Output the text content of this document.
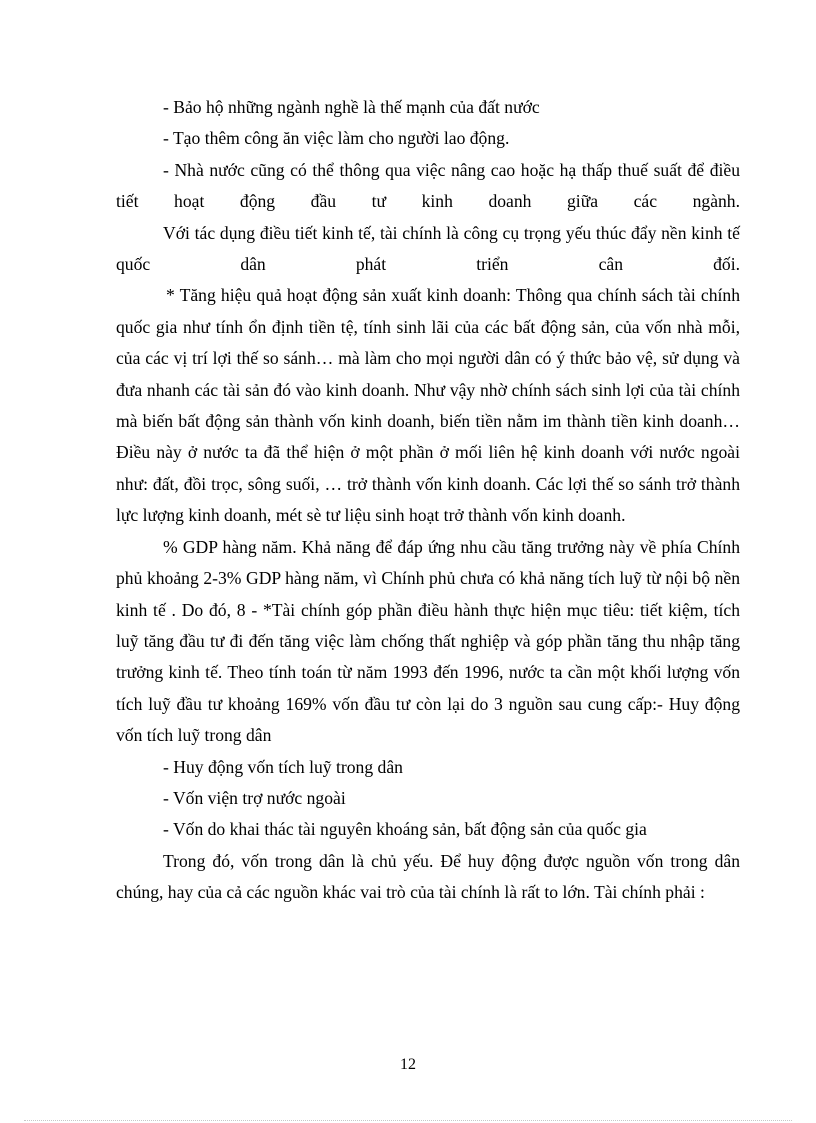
- Bảo hộ những ngành nghề là thế mạnh của đất nước

- Tạo thêm công ăn việc làm cho người lao động.

- Nhà nước cũng có thể thông qua việc nâng cao hoặc hạ thấp thuế suất để điều tiết hoạt động đầu tư kinh doanh giữa các ngành.

Với tác dụng điều tiết kinh tế, tài chính là công cụ trọng yếu thúc đẩy nền kinh tế quốc dân phát triển cân đối.

* Tăng hiệu quả hoạt động sản xuất kinh doanh: Thông qua chính sách tài chính quốc gia như tính ổn định tiền tệ, tính sinh lãi của các bất động sản, của vốn nhà mỗi, của các vị trí lợi thế so sánh… mà làm cho mọi người dân có ý thức bảo vệ, sử dụng và đưa nhanh các tài sản đó vào kinh doanh. Như vậy nhờ chính sách sinh lợi của tài chính mà biến bất động sản thành vốn kinh doanh, biến tiền nằm im thành tiền kinh doanh…Điều này ở nước ta đã thể hiện ở một phần ở mối liên hệ kinh doanh với nước ngoài như: đất, đồi trọc, sông suối, … trở thành vốn kinh doanh. Các lợi thế so sánh trở thành lực lượng kinh doanh, mét sè tư liệu sinh hoạt trở thành vốn kinh doanh.

% GDP hàng năm. Khả năng để đáp ứng nhu cầu tăng trưởng này về phía Chính phủ khoảng 2-3% GDP hàng năm, vì Chính phủ chưa có khả năng tích luỹ từ nội bộ nền kinh tế . Do đó, 8 - *Tài chính góp phần điều hành thực hiện mục tiêu: tiết kiệm, tích luỹ tăng đầu tư đi đến tăng việc làm chống thất nghiệp và góp phần tăng thu nhập tăng trưởng kinh tế. Theo tính toán từ năm 1993 đến 1996, nước ta cần một khối lượng vốn tích luỹ đầu tư khoảng 169% vốn đầu tư còn lại do 3 nguồn sau cung cấp:- Huy động vốn tích luỹ trong dân

- Huy động vốn tích luỹ trong dân

- Vốn viện trợ nước ngoài

- Vốn do khai thác tài nguyên khoáng sản, bất động sản của quốc gia

Trong đó, vốn trong dân là chủ yếu. Để huy động được nguồn vốn trong dân chúng, hay của cả các nguồn khác vai trò của tài chính là rất to lớn. Tài chính phải :

12
